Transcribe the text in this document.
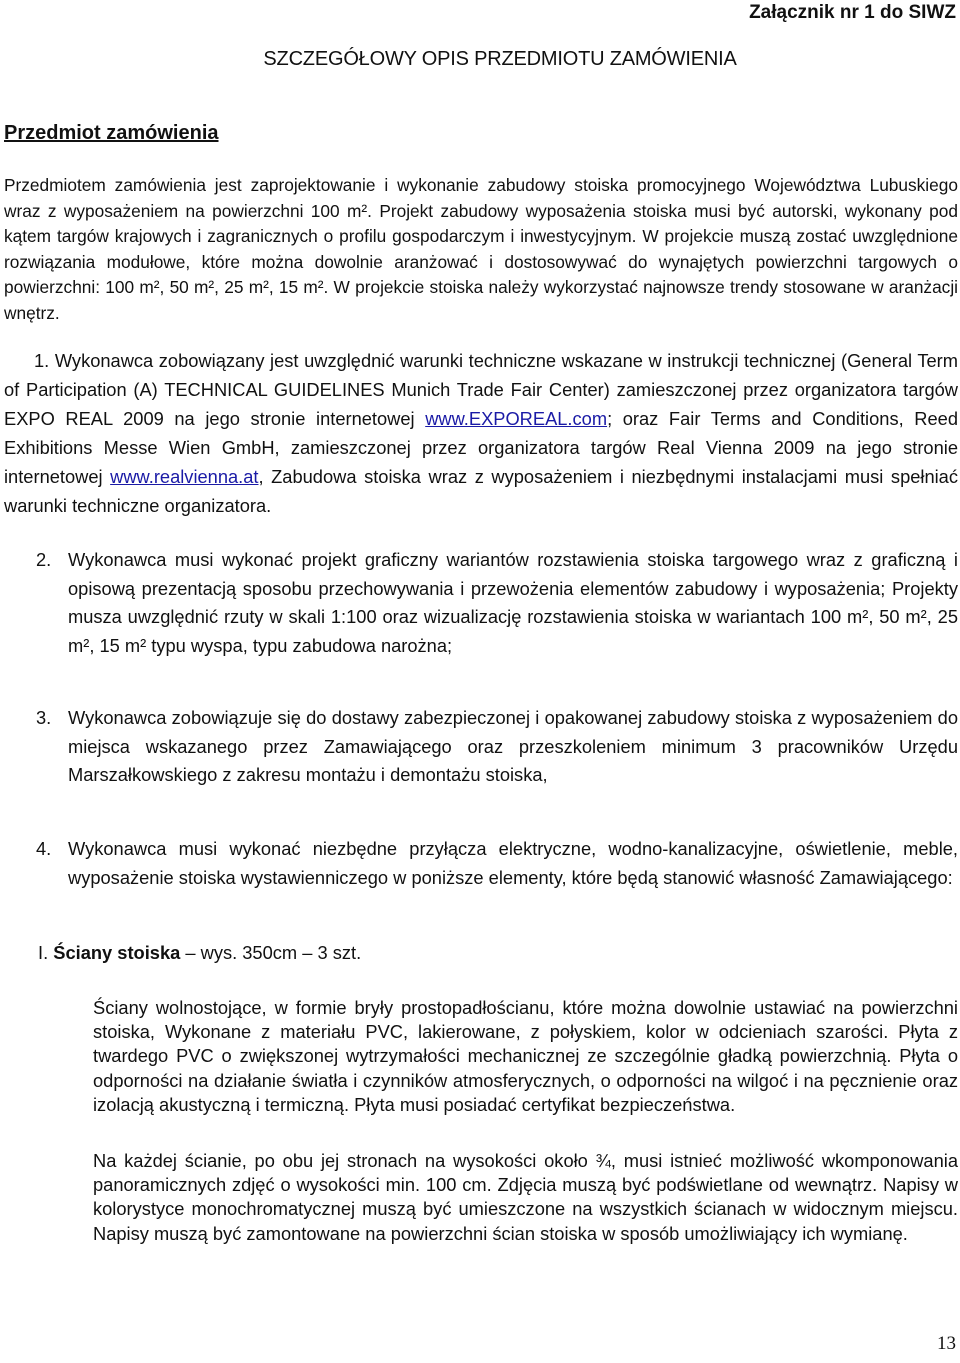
Załącznik nr 1 do SIWZ
SZCZEGÓŁOWY OPIS PRZEDMIOTU ZAMÓWIENIA
Przedmiot zamówienia
Przedmiotem zamówienia jest zaprojektowanie i wykonanie zabudowy stoiska promocyjnego Województwa Lubuskiego wraz z wyposażeniem na powierzchni 100 m². Projekt zabudowy wyposażenia stoiska musi być autorski, wykonany pod kątem targów krajowych i zagranicznych o profilu gospodarczym i inwestycyjnym. W projekcie muszą zostać uwzględnione rozwiązania modułowe, które można dowolnie aranżować i dostosowywać do wynajętych powierzchni targowych o powierzchni: 100 m², 50 m², 25 m², 15 m². W projekcie stoiska należy wykorzystać najnowsze trendy stosowane w aranżacji wnętrz.
1. Wykonawca zobowiązany jest uwzględnić warunki techniczne wskazane w instrukcji technicznej (General Term of Participation (A) TECHNICAL GUIDELINES Munich Trade Fair Center) zamieszczonej przez organizatora targów EXPO REAL 2009 na jego stronie internetowej www.EXPOREAL.com; oraz Fair Terms and Conditions, Reed Exhibitions Messe Wien GmbH, zamieszczonej przez organizatora targów Real Vienna 2009 na jego stronie internetowej www.realvienna.at, Zabudowa stoiska wraz z wyposażeniem i niezbędnymi instalacjami musi spełniać warunki techniczne organizatora.
2. Wykonawca musi wykonać projekt graficzny wariantów rozstawienia stoiska targowego wraz z graficzną i opisową prezentacją sposobu przechowywania i przewożenia elementów zabudowy i wyposażenia; Projekty musza uwzględnić rzuty w skali 1:100 oraz wizualizację rozstawienia stoiska w wariantach 100 m², 50 m², 25 m², 15 m² typu wyspa, typu zabudowa narożna;
3. Wykonawca zobowiązuje się do dostawy zabezpieczonej i opakowanej zabudowy stoiska z wyposażeniem do miejsca wskazanego przez Zamawiającego oraz przeszkoleniem minimum 3 pracowników Urzędu Marszałkowskiego z zakresu montażu i demontażu stoiska,
4. Wykonawca musi wykonać niezbędne przyłącza elektryczne, wodno-kanalizacyjne, oświetlenie, meble, wyposażenie stoiska wystawienniczego w poniższe elementy, które będą stanowić własność Zamawiającego:
I. Ściany stoiska – wys. 350cm – 3 szt.
Ściany wolnostojące, w formie bryły prostopadłościanu, które można dowolnie ustawiać na powierzchni stoiska, Wykonane z materiału PVC, lakierowane, z połyskiem, kolor w odcieniach szarości. Płyta z twardego PVC o zwiększonej wytrzymałości mechanicznej ze szczególnie gładką powierzchnią. Płyta o odporności na działanie światła i czynników atmosferycznych, o odporności na wilgoć i na pęcznienie oraz izolacją akustyczną i termiczną. Płyta musi posiadać certyfikat bezpieczeństwa.
Na każdej ścianie, po obu jej stronach na wysokości około ¾, musi istnieć możliwość wkomponowania panoramicznych zdjęć o wysokości min. 100 cm. Zdjęcia muszą być podświetlane od wewnątrz. Napisy w kolorystyce monochromatycznej muszą być umieszczone na wszystkich ścianach w widocznym miejscu. Napisy muszą być zamontowane na powierzchni ścian stoiska w sposób umożliwiający ich wymianę.
13
